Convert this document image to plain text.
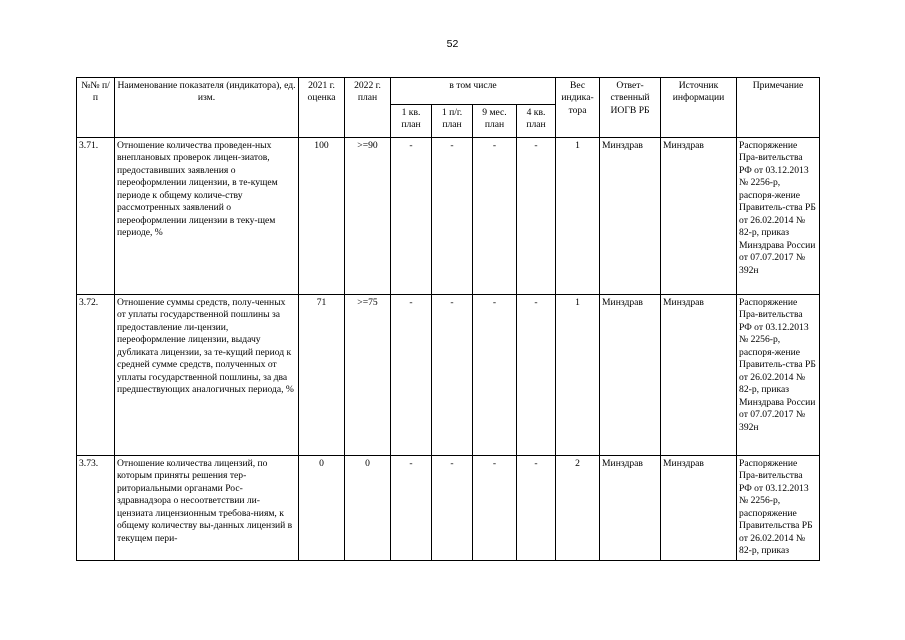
52
№№ п/п	Наименование показателя (индикатора), ед. изм.	2021 г. оценка	2022 г. план	в том числе				Вес индика-тора	Ответ-ственный ИОГВ РБ	Источник информации	Примечание
				1 кв. план	1 п/г. план	9 мес. план	4 кв. план				
3.71.	Отношение количества проведен-ных внеплановых проверок лицен-зиатов, предоставивших заявления о переоформлении лицензии, в те-кущем периоде к общему количе-ству рассмотренных заявлений о переоформлении лицензии в теку-щем периоде, %	100	>=90	-	-	-	-	1	Минздрав	Минздрав	Распоряжение Пра-вительства РФ от 03.12.2013 № 2256-р, распоря-жение Правитель-ства РБ от 26.02.2014 № 82-р, приказ Минздрава России от 07.07.2017 № 392н
3.72.	Отношение суммы средств, полу-ченных от уплаты государственной пошлины за предоставление ли-цензии, переоформление лицензии, выдачу дубликата лицензии, за те-кущий период к средней сумме средств, полученных от уплаты государственной пошлины, за два предшествующих аналогичных периода, %	71	>=75	-	-	-	-	1	Минздрав	Минздрав	Распоряжение Пра-вительства РФ от 03.12.2013 № 2256-р, распоря-жение Правитель-ства РБ от 26.02.2014 № 82-р, приказ Минздрава России от 07.07.2017 № 392н
3.73.	Отношение количества лицензий, по которым приняты решения тер-риториальными органами Рос-здравнадзора о несоответствии ли-цензиата лицензионным требова-ниям, к общему количеству вы-данных лицензий в текущем пери-	0	0	-	-	-	-	2	Минздрав	Минздрав	Распоряжение Пра-вительства РФ от 03.12.2013 № 2256-р, распоряжение Правительства РБ от 26.02.2014 № 82-р, приказ
